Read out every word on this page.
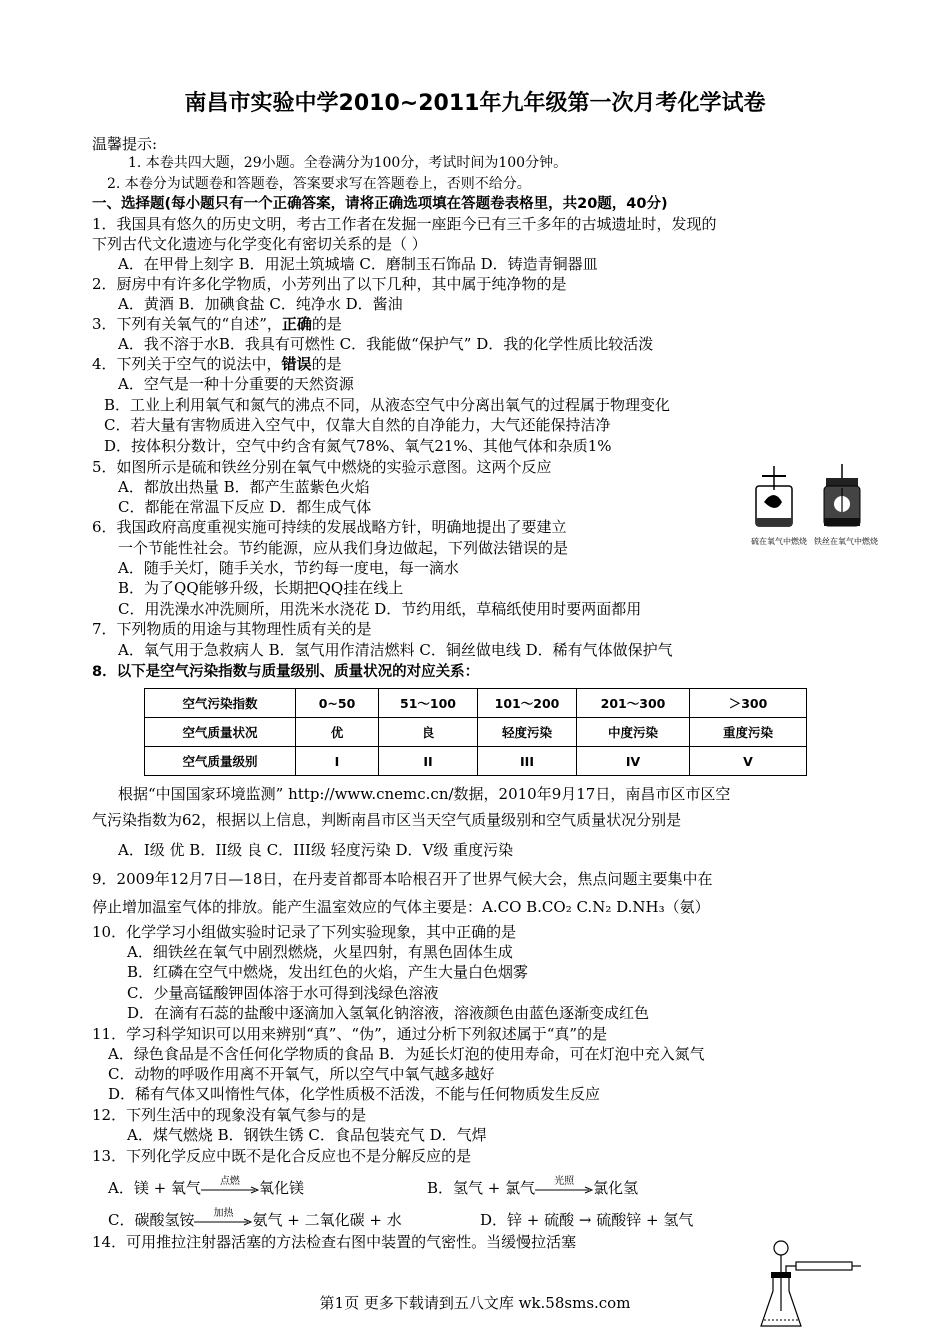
南昌市实验中学2010~2011年九年级第一次月考化学试卷
温馨提示:
1. 本卷共四大题，29小题。全卷满分为100分，考试时间为100分钟。
2. 本卷分为试题卷和答题卷，答案要求写在答题卷上，否则不给分。
一、选择题(每小题只有一个正确答案，请将正确选项填在答题卷表格里，共20题，40分)
1．我国具有悠久的历史文明，考古工作者在发掘一座距今已有三千多年的古城遗址时，发现的
下列古代文化遗迹与化学变化有密切关系的是（ ）
A．在甲骨上刻字 B．用泥土筑城墙 C．磨制玉石饰品 D．铸造青铜器皿
2．厨房中有许多化学物质，小芳列出了以下几种，其中属于纯净物的是
A．黄酒 B．加碘食盐 C．纯净水 D．酱油
3．下列有关氧气的“自述”，正确的是
A．我不溶于水B．我具有可燃性 C．我能做“保护气” D．我的化学性质比较活泼
4．下列关于空气的说法中，错误的是
A．空气是一种十分重要的天然资源
B．工业上利用氧气和氮气的沸点不同，从液态空气中分离出氧气的过程属于物理变化
C．若大量有害物质进入空气中，仅靠大自然的自净能力，大气还能保持洁净
D．按体积分数计，空气中约含有氮气78%、氧气21%、其他气体和杂质1%
5．如图所示是硫和铁丝分别在氧气中燃烧的实验示意图。这两个反应
A．都放出热量 B．都产生蓝紫色火焰
C．都能在常温下反应 D．都生成气体
硫在氧气中燃烧 铁丝在氧气中燃烧
6．我国政府高度重视实施可持续的发展战略方针，明确地提出了要建立
一个节能性社会。节约能源，应从我们身边做起，下列做法错误的是
A．随手关灯，随手关水，节约每一度电，每一滴水
B．为了QQ能够升级，长期把QQ挂在线上
C．用洗澡水冲洗厕所，用洗米水浇花 D．节约用纸，草稿纸使用时要两面都用
7．下列物质的用途与其物理性质有关的是
A．氧气用于急救病人 B．氢气用作清洁燃料 C．铜丝做电线 D．稀有气体做保护气
8．以下是空气污染指数与质量级别、质量状况的对应关系：
空气污染指数	0~50	51～100	101～200	201～300	＞300
空气质量状况	优	良	轻度污染	中度污染	重度污染
空气质量级别	I	II	III	IV	V
根据“中国国家环境监测” http://www.cnemc.cn/数据，2010年9月17日，南昌市区市区空
气污染指数为62，根据以上信息，判断南昌市区当天空气质量级别和空气质量状况分别是
A．I级 优 B．II级 良 C．III级 轻度污染 D．V级 重度污染
9．2009年12月7日—18日，在丹麦首都哥本哈根召开了世界气候大会，焦点问题主要集中在
停止增加温室气体的排放。能产生温室效应的气体主要是：A.CO B.CO₂ C.N₂ D.NH₃（氨）
10．化学学习小组做实验时记录了下列实验现象，其中正确的是
A．细铁丝在氧气中剧烈燃烧，火星四射，有黑色固体生成
B．红磷在空气中燃烧，发出红色的火焰，产生大量白色烟雾
C．少量高锰酸钾固体溶于水可得到浅绿色溶液
D．在滴有石蕊的盐酸中逐滴加入氢氧化钠溶液，溶液颜色由蓝色逐渐变成红色
11．学习科学知识可以用来辨别“真”、“伪”，通过分析下列叙述属于“真”的是
A．绿色食品是不含任何化学物质的食品 B．为延长灯泡的使用寿命，可在灯泡中充入氮气
C．动物的呼吸作用离不开氧气，所以空气中氧气越多越好
D．稀有气体又叫惰性气体，化学性质极不活泼，不能与任何物质发生反应
12．下列生活中的现象没有氧气参与的是
A．煤气燃烧 B．钢铁生锈 C．食品包装充气 D．气焊
13．下列化学反应中既不是化合反应也不是分解反应的是
A．镁 + 氧气	点燃	氧化镁	B．氢气 + 氯气	光照	氯化氢
C．碳酸氢铵	加热	氨气 + 二氧化碳 + 水	D．锌 + 硫酸 → 硫酸锌 + 氢气
14．可用推拉注射器活塞的方法检查右图中装置的气密性。当缓慢拉活塞
第1页 更多下载请到五八文库 wk.58sms.com
